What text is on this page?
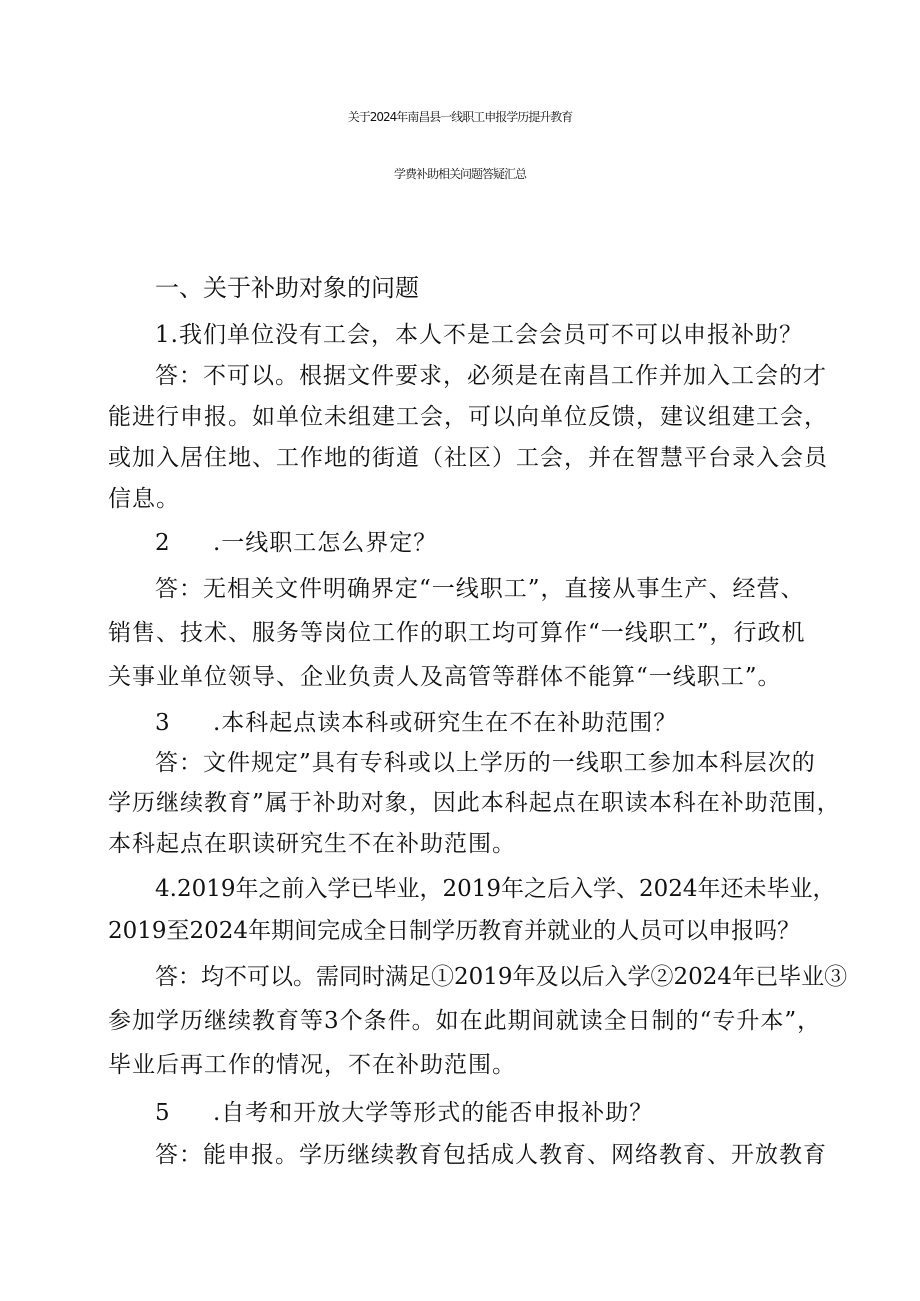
关于2024年南昌县一线职工申报学历提升教育
学费补助相关问题答疑汇总
一、关于补助对象的问题
1.我们单位没有工会，本人不是工会会员可不可以申报补助？
答：不可以。根据文件要求，必须是在南昌工作并加入工会的才
能进行申报。如单位未组建工会，可以向单位反馈，建议组建工会，
或加入居住地、工作地的街道（社区）工会，并在智慧平台录入会员
信息。
2 .一线职工怎么界定？
答：无相关文件明确界定“一线职工”，直接从事生产、经营、
销售、技术、服务等岗位工作的职工均可算作“一线职工”，行政机
关事业单位领导、企业负责人及高管等群体不能算“一线职工”。
3 .本科起点读本科或研究生在不在补助范围？
答：文件规定”具有专科或以上学历的一线职工参加本科层次的
学历继续教育”属于补助对象，因此本科起点在职读本科在补助范围，
本科起点在职读研究生不在补助范围。
4.2019年之前入学已毕业，2019年之后入学、2024年还未毕业，
2019至2024年期间完成全日制学历教育并就业的人员可以申报吗？
答：均不可以。需同时满足①2019年及以后入学②2024年已毕业③
参加学历继续教育等3个条件。如在此期间就读全日制的“专升本”，
毕业后再工作的情况，不在补助范围。
5 .自考和开放大学等形式的能否申报补助？
答：能申报。学历继续教育包括成人教育、网络教育、开放教育
